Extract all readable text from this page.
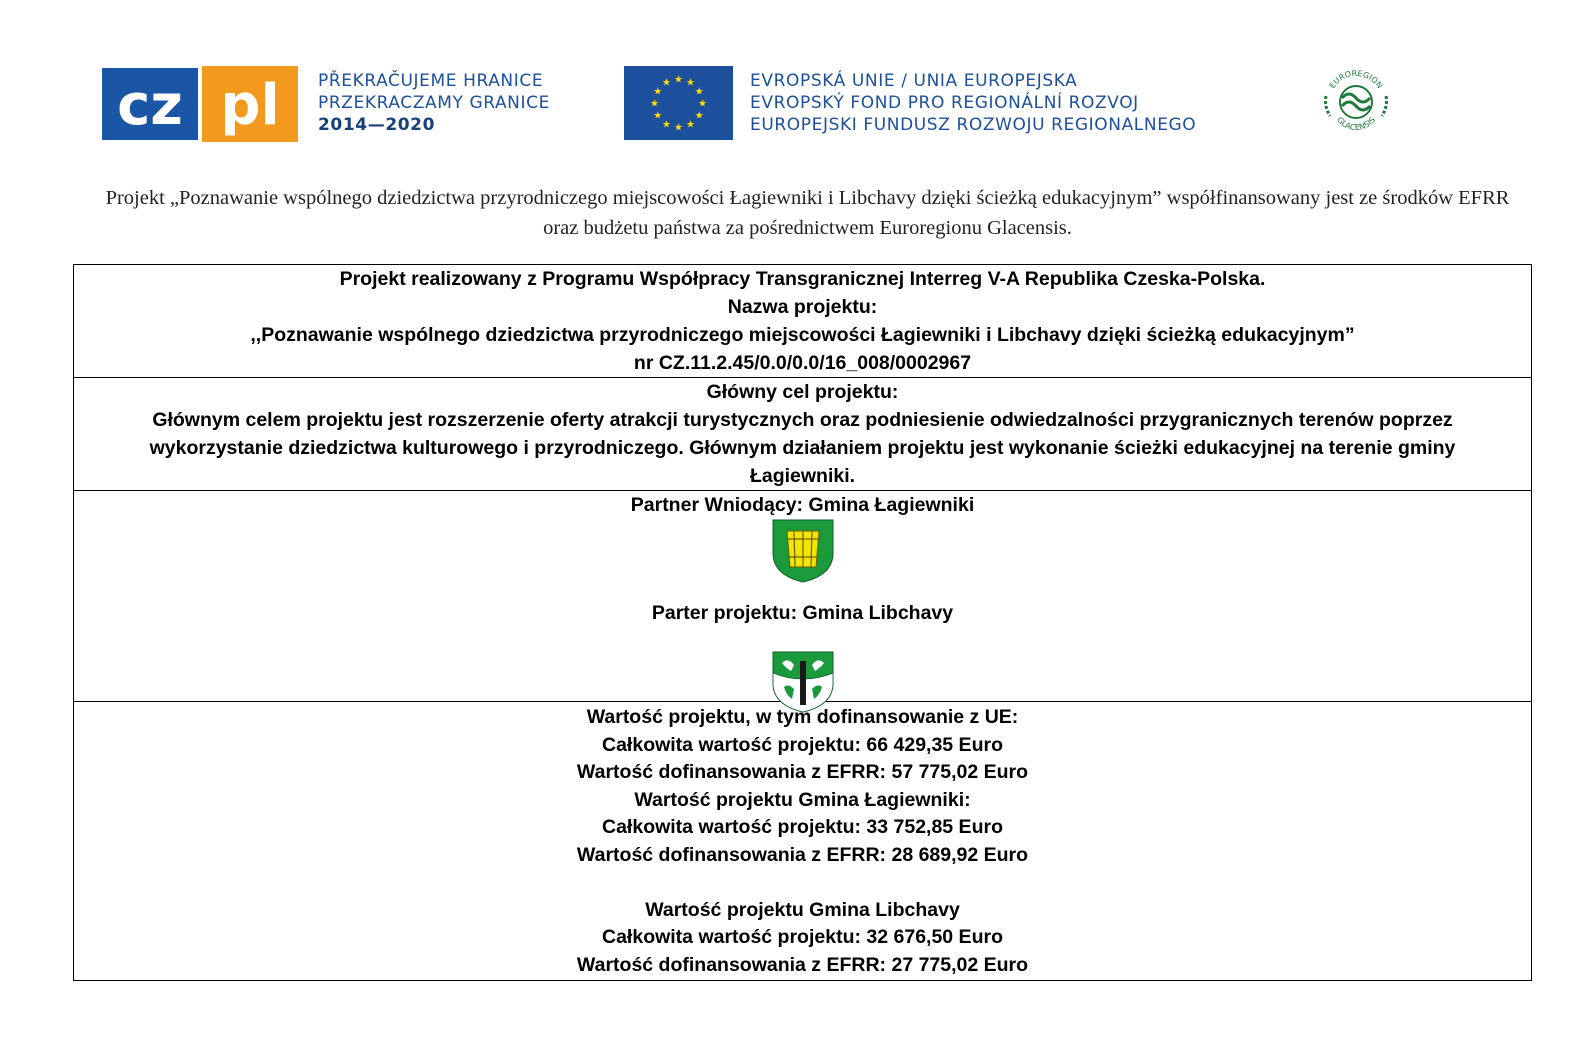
cz pl PŘEKRAČUJEME HRANICE
PRZEKRACZAMY GRANICE
2014—2020
★ ★
★
★
★
★
★
★
★
★
★
★	EVROPSKÁ UNIE / UNIA EUROPEJSKA
EVROPSKÝ FOND PRO REGIONÁLNÍ ROZVOJ
EUROPEJSKI FUNDUSZ ROZWOJU REGIONALNEGO
EUROREGION
GLACENSIS
Projekt „Poznawanie wspólnego dziedzictwa przyrodniczego miejscowości Łagiewniki i Libchavy dzięki ścieżką edukacyjnym” współfinansowany jest ze środków EFRR oraz budżetu państwa za pośrednictwem Euroregionu Glacensis.
Projekt realizowany z Programu Współpracy Transgranicznej Interreg V-A Republika Czeska-Polska.
Nazwa projektu:
,,Poznawanie wspólnego dziedzictwa przyrodniczego miejscowości Łagiewniki i Libchavy dzięki ścieżką edukacyjnym”
nr CZ.11.2.45/0.0/0.0/16_008/0002967
Główny cel projektu:
Głównym celem projektu jest rozszerzenie oferty atrakcji turystycznych oraz podniesienie odwiedzalności przygranicznych terenów poprzez wykorzystanie dziedzictwa kulturowego i przyrodniczego. Głównym działaniem projektu jest wykonanie ścieżki edukacyjnej na terenie gminy Łagiewniki.
Partner Wniodący: Gmina Łagiewniki
Parter projektu: Gmina Libchavy
Wartość projektu, w tym dofinansowanie z UE:
Całkowita wartość projektu: 66 429,35 Euro
Wartość dofinansowania z EFRR: 57 775,02 Euro
Wartość projektu Gmina Łagiewniki:
Całkowita wartość projektu: 33 752,85 Euro
Wartość dofinansowania z EFRR: 28 689,92 Euro
Wartość projektu Gmina Libchavy
Całkowita wartość projektu: 32 676,50 Euro
Wartość dofinansowania z EFRR: 27 775,02 Euro
